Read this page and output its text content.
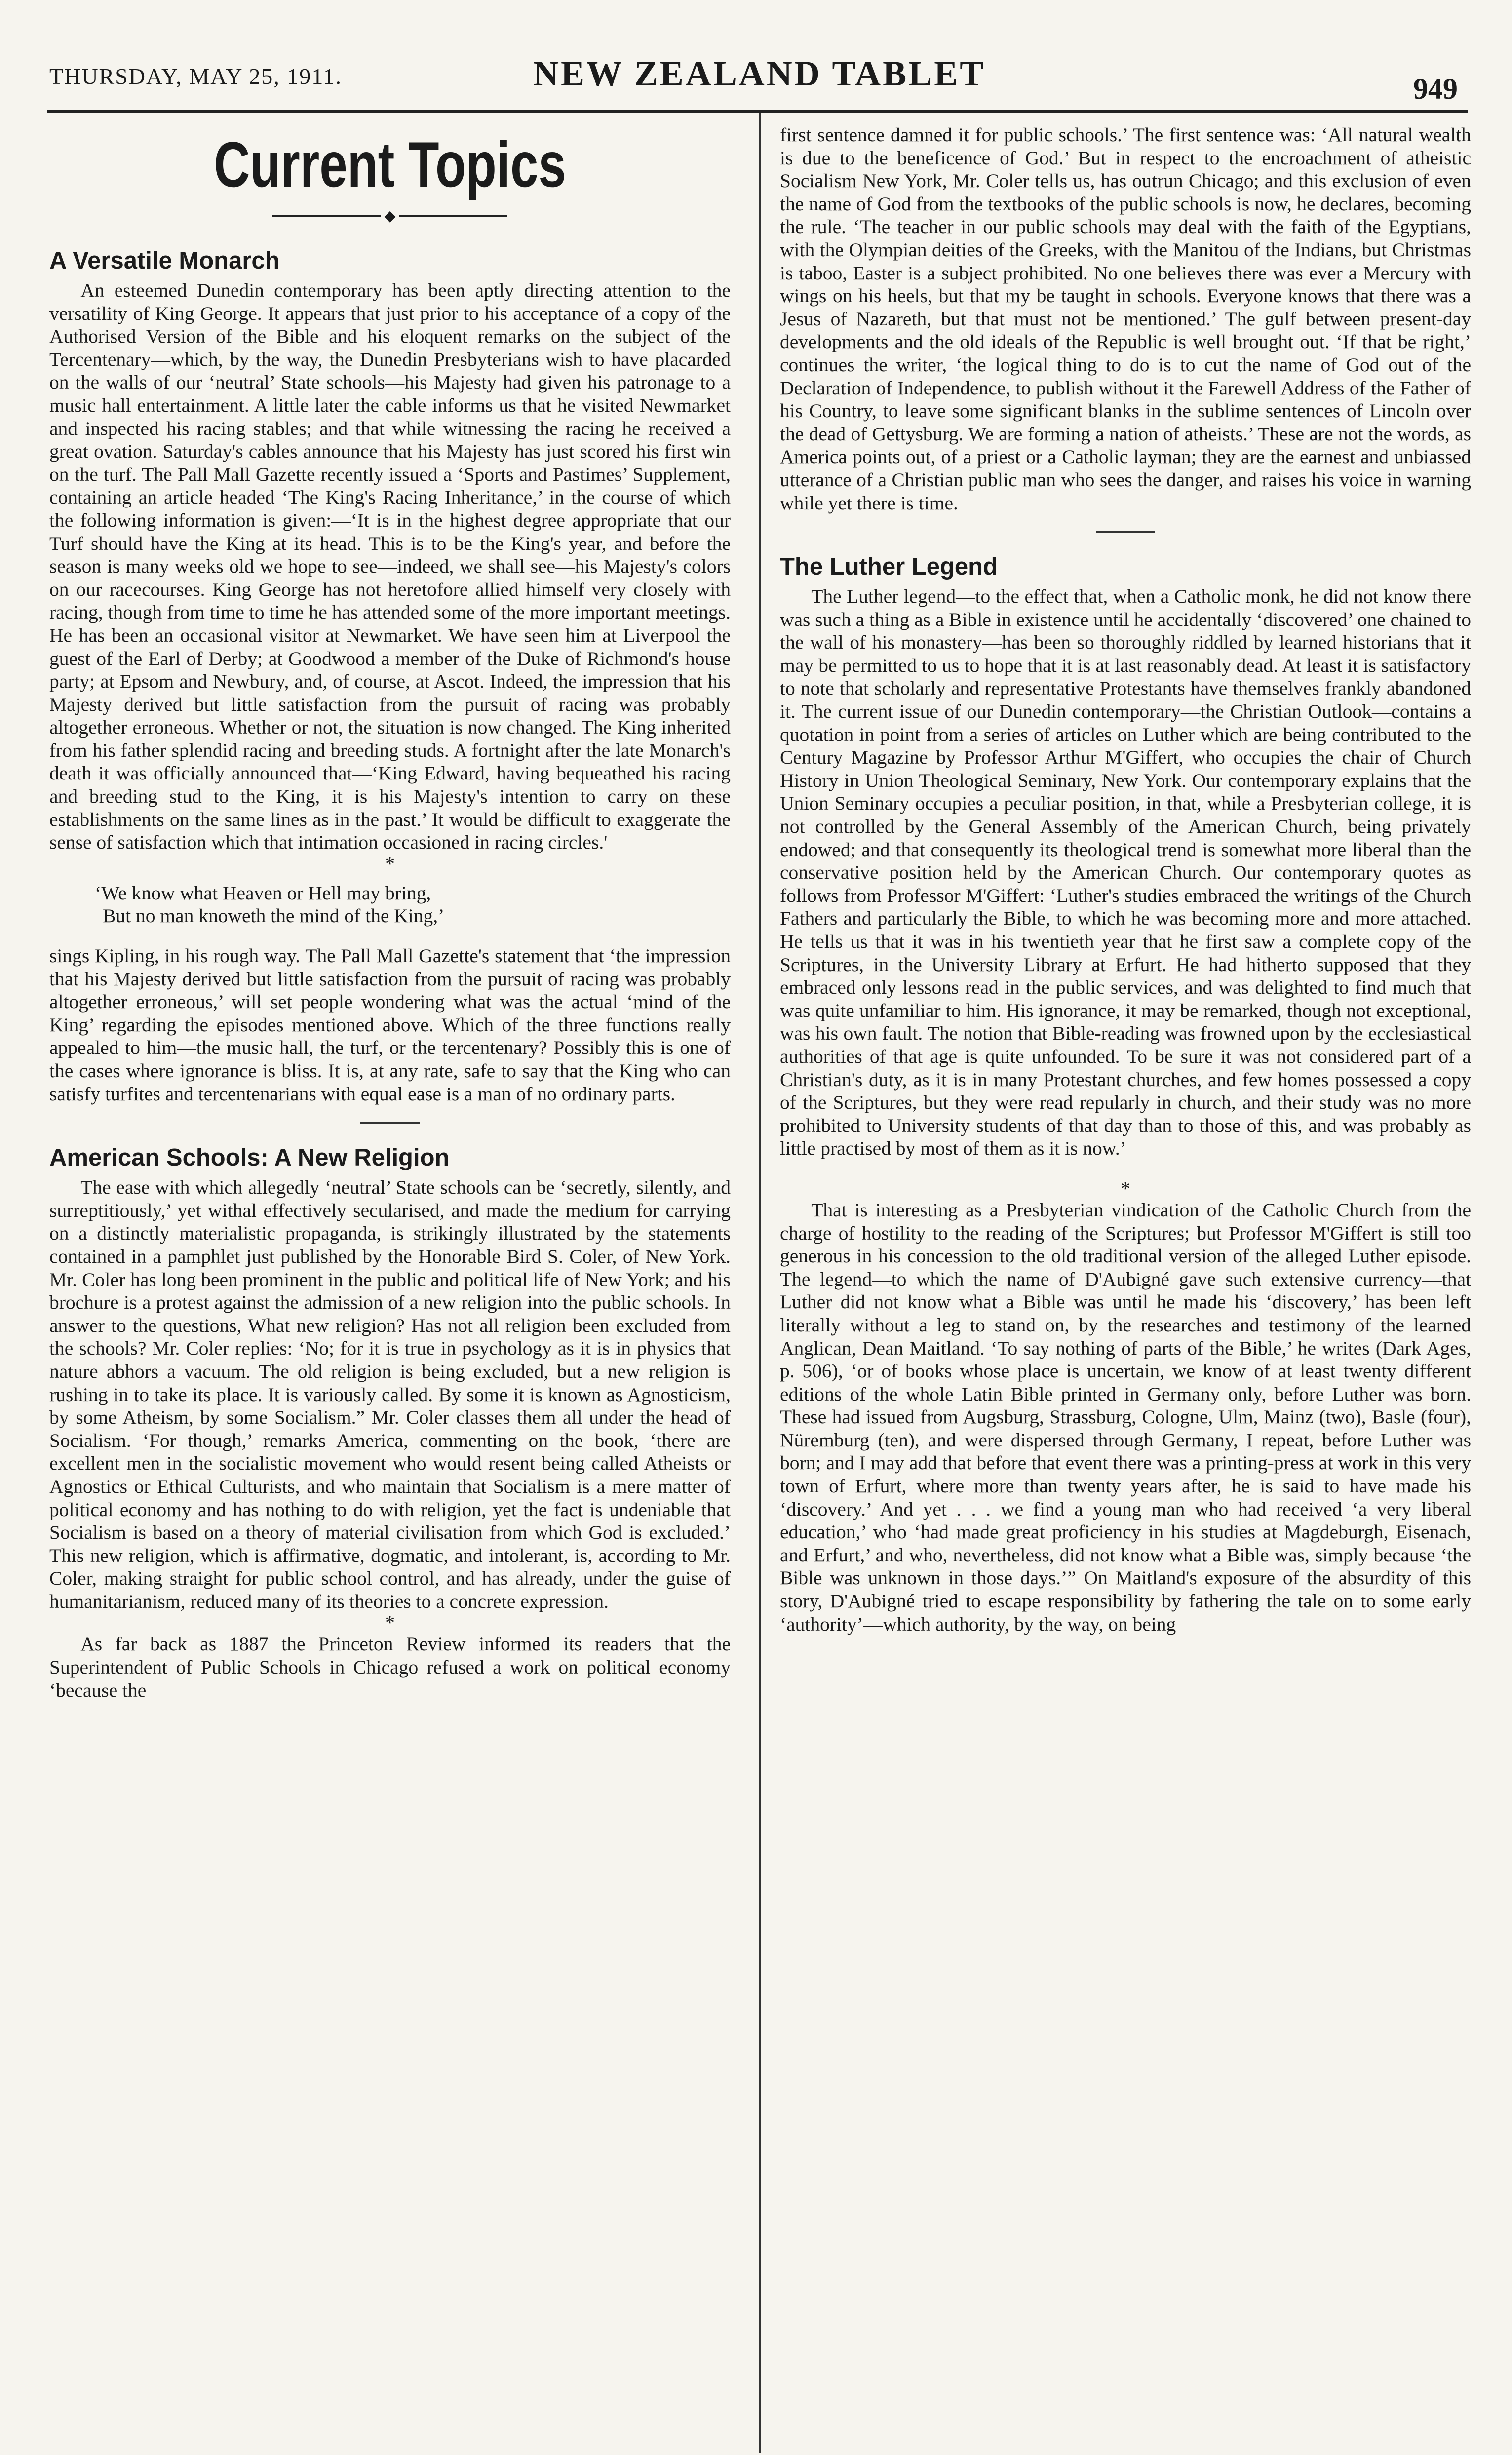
THURSDAY, MAY 25, 1911.	NEW ZEALAND TABLET	949
Current Topics
◆
A Versatile Monarch

An esteemed Dunedin contemporary has been aptly directing attention to the versatility of King George. It appears that just prior to his acceptance of a copy of the Authorised Version of the Bible and his eloquent remarks on the subject of the Tercentenary—which, by the way, the Dunedin Presbyterians wish to have placarded on the walls of our ‘neutral’ State schools—his Majesty had given his patronage to a music hall entertainment. A little later the cable informs us that he visited Newmarket and inspected his racing stables; and that while witnessing the racing he received a great ovation. Saturday's cables announce that his Majesty has just scored his first win on the turf. The Pall Mall Gazette recently issued a ‘Sports and Pastimes’ Supplement, containing an article headed ‘The King's Racing Inheritance,’ in the course of which the following information is given:—‘It is in the highest degree appropriate that our Turf should have the King at its head. This is to be the King's year, and before the season is many weeks old we hope to see—indeed, we shall see—his Majesty's colors on our racecourses. King George has not heretofore allied himself very closely with racing, though from time to time he has attended some of the more important meetings. He has been an occasional visitor at Newmarket. We have seen him at Liverpool the guest of the Earl of Derby; at Goodwood a member of the Duke of Richmond's house party; at Epsom and Newbury, and, of course, at Ascot. Indeed, the impression that his Majesty derived but little satisfaction from the pursuit of racing was probably altogether erroneous. Whether or not, the situation is now changed. The King inherited from his father splendid racing and breeding studs. A fortnight after the late Monarch's death it was officially announced that—‘King Edward, having bequeathed his racing and breeding stud to the King, it is his Majesty's intention to carry on these establishments on the same lines as in the past.’ It would be difficult to exaggerate the sense of satisfaction which that intimation occasioned in racing circles.'

*
‘We know what Heaven or Hell may bring,
But no man knoweth the mind of the King,’

sings Kipling, in his rough way. The Pall Mall Gazette's statement that ‘the impression that his Majesty derived but little satisfaction from the pursuit of racing was probably altogether erroneous,’ will set people wondering what was the actual ‘mind of the King’ regarding the episodes mentioned above. Which of the three functions really appealed to him—the music hall, the turf, or the tercentenary? Possibly this is one of the cases where ignorance is bliss. It is, at any rate, safe to say that the King who can satisfy turfites and tercentenarians with equal ease is a man of no ordinary parts.

American Schools: A New Religion

The ease with which allegedly ‘neutral’ State schools can be ‘secretly, silently, and surreptitiously,’ yet withal effectively secularised, and made the medium for carrying on a distinctly materialistic propaganda, is strikingly illustrated by the statements contained in a pamphlet just published by the Honorable Bird S. Coler, of New York. Mr. Coler has long been prominent in the public and political life of New York; and his brochure is a protest against the admission of a new religion into the public schools. In answer to the questions, What new religion? Has not all religion been excluded from the schools? Mr. Coler replies: ‘No; for it is true in psychology as it is in physics that nature abhors a vacuum. The old religion is being excluded, but a new religion is rushing in to take its place. It is variously called. By some it is known as Agnosticism, by some Atheism, by some Socialism.” Mr. Coler classes them all under the head of Socialism. ‘For though,’ remarks America, commenting on the book, ‘there are excellent men in the socialistic movement who would resent being called Atheists or Agnostics or Ethical Culturists, and who maintain that Socialism is a mere matter of political economy and has nothing to do with religion, yet the fact is undeniable that Socialism is based on a theory of material civilisation from which God is excluded.’ This new religion, which is affirmative, dogmatic, and intolerant, is, according to Mr. Coler, making straight for public school control, and has already, under the guise of humanitarianism, reduced many of its theories to a concrete expression.

*

As far back as 1887 the Princeton Review informed its readers that the Superintendent of Public Schools in Chicago refused a work on political economy ‘because the

first sentence damned it for public schools.’ The first sentence was: ‘All natural wealth is due to the beneficence of God.’ But in respect to the encroachment of atheistic Socialism New York, Mr. Coler tells us, has outrun Chicago; and this exclusion of even the name of God from the textbooks of the public schools is now, he declares, becoming the rule. ‘The teacher in our public schools may deal with the faith of the Egyptians, with the Olympian deities of the Greeks, with the Manitou of the Indians, but Christmas is taboo, Easter is a subject prohibited. No one believes there was ever a Mercury with wings on his heels, but that my be taught in schools. Everyone knows that there was a Jesus of Nazareth, but that must not be mentioned.’ The gulf between present-day developments and the old ideals of the Republic is well brought out. ‘If that be right,’ continues the writer, ‘the logical thing to do is to cut the name of God out of the Declaration of Independence, to publish without it the Farewell Address of the Father of his Country, to leave some significant blanks in the sublime sentences of Lincoln over the dead of Gettysburg. We are forming a nation of atheists.’ These are not the words, as America points out, of a priest or a Catholic layman; they are the earnest and unbiassed utterance of a Christian public man who sees the danger, and raises his voice in warning while yet there is time.

The Luther Legend

The Luther legend—to the effect that, when a Catholic monk, he did not know there was such a thing as a Bible in existence until he accidentally ‘discovered’ one chained to the wall of his monastery—has been so thoroughly riddled by learned historians that it may be permitted to us to hope that it is at last reasonably dead. At least it is satisfactory to note that scholarly and representative Protestants have themselves frankly abandoned it. The current issue of our Dunedin contemporary—the Christian Outlook—contains a quotation in point from a series of articles on Luther which are being contributed to the Century Magazine by Professor Arthur M'Giffert, who occupies the chair of Church History in Union Theological Seminary, New York. Our contemporary explains that the Union Seminary occupies a peculiar position, in that, while a Presbyterian college, it is not controlled by the General Assembly of the American Church, being privately endowed; and that consequently its theological trend is somewhat more liberal than the conservative position held by the American Church. Our contemporary quotes as follows from Professor M'Giffert: ‘Luther's studies embraced the writings of the Church Fathers and particularly the Bible, to which he was becoming more and more attached. He tells us that it was in his twentieth year that he first saw a complete copy of the Scriptures, in the University Library at Erfurt. He had hitherto supposed that they embraced only lessons read in the public services, and was delighted to find much that was quite unfamiliar to him. His ignorance, it may be remarked, though not exceptional, was his own fault. The notion that Bible-reading was frowned upon by the ecclesiastical authorities of that age is quite unfounded. To be sure it was not considered part of a Christian's duty, as it is in many Protestant churches, and few homes possessed a copy of the Scriptures, but they were read repularly in church, and their study was no more prohibited to University students of that day than to those of this, and was probably as little practised by most of them as it is now.’

*

That is interesting as a Presbyterian vindication of the Catholic Church from the charge of hostility to the reading of the Scriptures; but Professor M'Giffert is still too generous in his concession to the old traditional version of the alleged Luther episode. The legend—to which the name of D'Aubigné gave such extensive currency—that Luther did not know what a Bible was until he made his ‘discovery,’ has been left literally without a leg to stand on, by the researches and testimony of the learned Anglican, Dean Maitland. ‘To say nothing of parts of the Bible,’ he writes (Dark Ages, p. 506), ‘or of books whose place is uncertain, we know of at least twenty different editions of the whole Latin Bible printed in Germany only, before Luther was born. These had issued from Augsburg, Strassburg, Cologne, Ulm, Mainz (two), Basle (four), Nüremburg (ten), and were dispersed through Germany, I repeat, before Luther was born; and I may add that before that event there was a printing-press at work in this very town of Erfurt, where more than twenty years after, he is said to have made his ‘discovery.’ And yet . . . we find a young man who had received ‘a very liberal education,’ who ‘had made great proficiency in his studies at Magdeburgh, Eisenach, and Erfurt,’ and who, nevertheless, did not know what a Bible was, simply because ‘the Bible was unknown in those days.’” On Maitland's exposure of the absurdity of this story, D'Aubigné tried to escape responsibility by fathering the tale on to some early ‘authority’—which authority, by the way, on being
